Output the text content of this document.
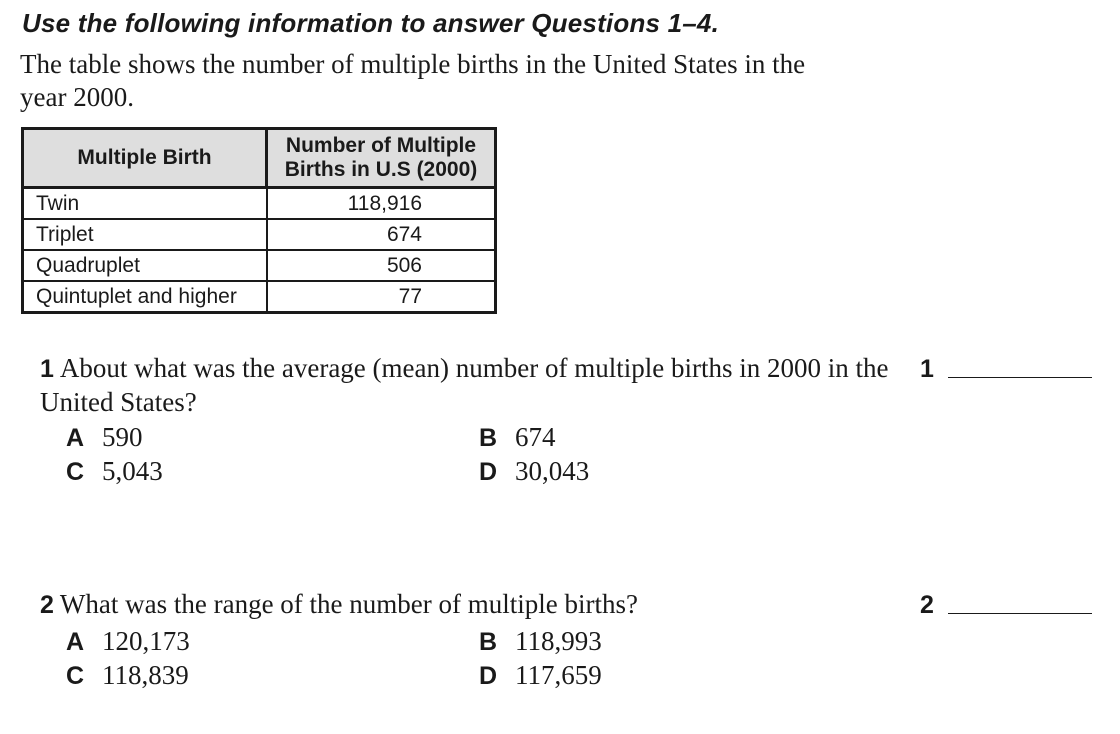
Use the following information to answer Questions 1–4.
The table shows the number of multiple births in the United States in the year 2000.
Multiple Birth	Number of Multiple Births in U.S (2000)
Twin	118,916
Triplet	674
Quadruplet	506
Quintuplet and higher	77
1 About what was the average (mean) number of multiple births in 2000 in the United States?
A 590	B 674
C 5,043	D 30,043
1
2 What was the range of the number of multiple births?
A 120,173	B 118,993
C 118,839	D 117,659
2
